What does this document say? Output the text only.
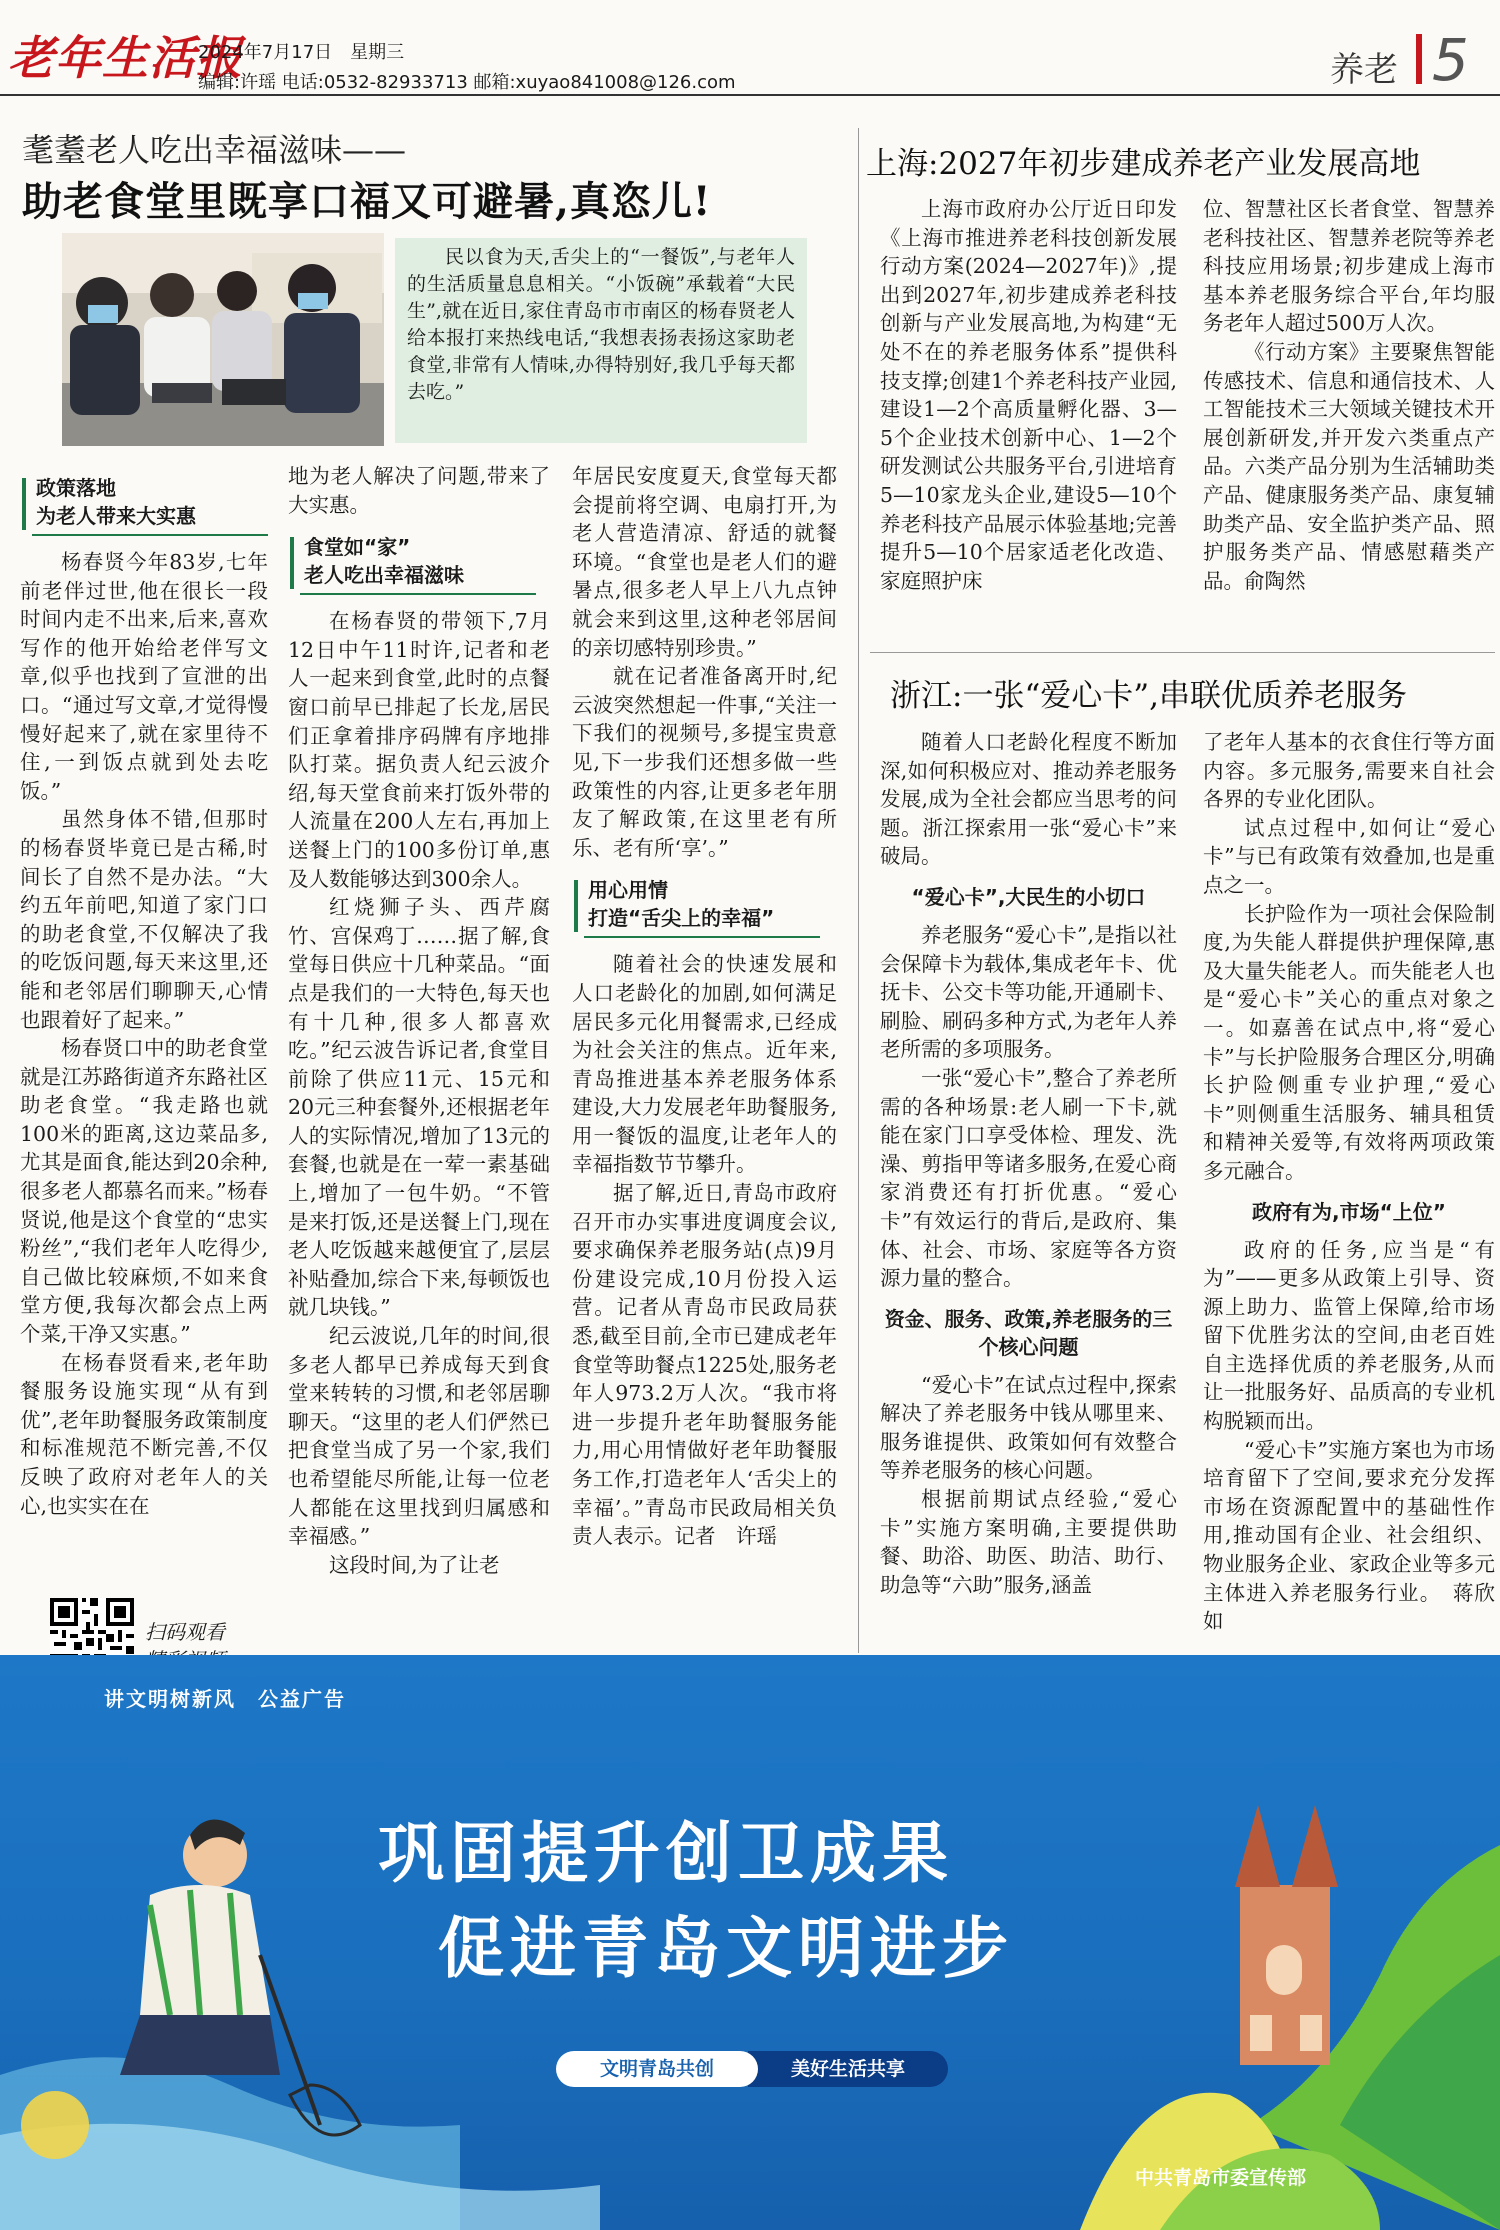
老年生活报
2024年7月17日　星期三
编辑:许瑶 电话:0532-82933713 邮箱:xuyao841008@126.com	养老 5
耄耋老人吃出幸福滋味——
助老食堂里既享口福又可避暑,真恣儿!
民以食为天,舌尖上的“一餐饭”,与老年人的生活质量息息相关。“小饭碗”承载着“大民生”,就在近日,家住青岛市市南区的杨春贤老人给本报打来热线电话,“我想表扬表扬这家助老食堂,非常有人情味,办得特别好,我几乎每天都去吃。”
政策落地
为老人带来大实惠

杨春贤今年83岁,七年前老伴过世,他在很长一段时间内走不出来,后来,喜欢写作的他开始给老伴写文章,似乎也找到了宣泄的出口。“通过写文章,才觉得慢慢好起来了,就在家里待不住,一到饭点就到处去吃饭。”

虽然身体不错,但那时的杨春贤毕竟已是古稀,时间长了自然不是办法。“大约五年前吧,知道了家门口的助老食堂,不仅解决了我的吃饭问题,每天来这里,还能和老邻居们聊聊天,心情也跟着好了起来。”

杨春贤口中的助老食堂就是江苏路街道齐东路社区助老食堂。“我走路也就100米的距离,这边菜品多,尤其是面食,能达到20余种,很多老人都慕名而来。”杨春贤说,他是这个食堂的“忠实粉丝”,“我们老年人吃得少,自己做比较麻烦,不如来食堂方便,我每次都会点上两个菜,干净又实惠。”

在杨春贤看来,老年助餐服务设施实现“从有到优”,老年助餐服务政策制度和标准规范不断完善,不仅反映了政府对老年人的关心,也实实在在

地为老人解决了问题,带来了大实惠。

食堂如“家”
老人吃出幸福滋味

在杨春贤的带领下,7月12日中午11时许,记者和老人一起来到食堂,此时的点餐窗口前早已排起了长龙,居民们正拿着排序码牌有序地排队打菜。据负责人纪云波介绍,每天堂食前来打饭外带的人流量在200人左右,再加上送餐上门的100多份订单,惠及人数能够达到300余人。

红烧狮子头、西芹腐竹、宫保鸡丁……据了解,食堂每日供应十几种菜品。“面点是我们的一大特色,每天也有十几种,很多人都喜欢吃。”纪云波告诉记者,食堂目前除了供应11元、15元和20元三种套餐外,还根据老年人的实际情况,增加了13元的套餐,也就是在一荤一素基础上,增加了一包牛奶。“不管是来打饭,还是送餐上门,现在老人吃饭越来越便宜了,层层补贴叠加,综合下来,每顿饭也就几块钱。”

纪云波说,几年的时间,很多老人都早已养成每天到食堂来转转的习惯,和老邻居聊聊天。“这里的老人们俨然已把食堂当成了另一个家,我们也希望能尽所能,让每一位老人都能在这里找到归属感和幸福感。”

这段时间,为了让老

年居民安度夏天,食堂每天都会提前将空调、电扇打开,为老人营造清凉、舒适的就餐环境。“食堂也是老人们的避暑点,很多老人早上八九点钟就会来到这里,这种老邻居间的亲切感特别珍贵。”

就在记者准备离开时,纪云波突然想起一件事,“关注一下我们的视频号,多提宝贵意见,下一步我们还想多做一些政策性的内容,让更多老年朋友了解政策,在这里老有所乐、老有所‘享’。”

用心用情
打造“舌尖上的幸福”

随着社会的快速发展和人口老龄化的加剧,如何满足居民多元化用餐需求,已经成为社会关注的焦点。近年来,青岛推进基本养老服务体系建设,大力发展老年助餐服务,用一餐饭的温度,让老年人的幸福指数节节攀升。

据了解,近日,青岛市政府召开市办实事进度调度会议,要求确保养老服务站(点)9月份建设完成,10月份投入运营。记者从青岛市民政局获悉,截至目前,全市已建成老年食堂等助餐点1225处,服务老年人973.2万人次。“我市将进一步提升老年助餐服务能力,用心用情做好老年助餐服务工作,打造老年人‘舌尖上的幸福’。”青岛市民政局相关负责人表示。记者　许瑶

扫码观看
上海:2027年初步建成养老产业发展高地

上海市政府办公厅近日印发《上海市推进养老科技创新发展行动方案(2024—2027年)》,提出到2027年,初步建成养老科技创新与产业发展高地,为构建“无处不在的养老服务体系”提供科技支撑;创建1个养老科技产业园,建设1—2个高质量孵化器、3—5个企业技术创新中心、1—2个研发测试公共服务平台,引进培育5—10家龙头企业,建设5—10个养老科技产品展示体验基地;完善提升5—10个居家适老化改造、家庭照护床

位、智慧社区长者食堂、智慧养老科技社区、智慧养老院等养老科技应用场景;初步建成上海市基本养老服务综合平台,年均服务老年人超过500万人次。

《行动方案》主要聚焦智能传感技术、信息和通信技术、人工智能技术三大领域关键技术开展创新研发,并开发六类重点产品。六类产品分别为生活辅助类产品、健康服务类产品、康复辅助类产品、安全监护类产品、照护服务类产品、情感慰藉类产品。俞陶然

浙江:一张“爱心卡”,串联优质养老服务

随着人口老龄化程度不断加深,如何积极应对、推动养老服务发展,成为全社会都应当思考的问题。浙江探索用一张“爱心卡”来破局。

“爱心卡”,大民生的小切口

养老服务“爱心卡”,是指以社会保障卡为载体,集成老年卡、优抚卡、公交卡等功能,开通刷卡、刷脸、刷码多种方式,为老年人养老所需的多项服务。

一张“爱心卡”,整合了养老所需的各种场景:老人刷一下卡,就能在家门口享受体检、理发、洗澡、剪指甲等诸多服务,在爱心商家消费还有打折优惠。“爱心卡”有效运行的背后,是政府、集体、社会、市场、家庭等各方资源力量的整合。

资金、服务、政策,养老服务的三个核心问题

“爱心卡”在试点过程中,探索解决了养老服务中钱从哪里来、服务谁提供、政策如何有效整合等养老服务的核心问题。

根据前期试点经验,“爱心卡”实施方案明确,主要提供助餐、助浴、助医、助洁、助行、助急等“六助”服务,涵盖

了老年人基本的衣食住行等方面内容。多元服务,需要来自社会各界的专业化团队。

试点过程中,如何让“爱心卡”与已有政策有效叠加,也是重点之一。

长护险作为一项社会保险制度,为失能人群提供护理保障,惠及大量失能老人。而失能老人也是“爱心卡”关心的重点对象之一。如嘉善在试点中,将“爱心卡”与长护险服务合理区分,明确长护险侧重专业护理,“爱心卡”则侧重生活服务、辅具租赁和精神关爱等,有效将两项政策多元融合。

政府有为,市场“上位”

政府的任务,应当是“有为”——更多从政策上引导、资源上助力、监管上保障,给市场留下优胜劣汰的空间,由老百姓自主选择优质的养老服务,从而让一批服务好、品质高的专业机构脱颖而出。

“爱心卡”实施方案也为市场培育留下了空间,要求充分发挥市场在资源配置中的基础性作用,推动国有企业、社会组织、物业服务企业、家政企业等多元主体进入养老服务行业。　蒋欣如

讲文明树新风　公益广告
巩固提升创卫成果
促进青岛文明进步
美好生活共享
文明青岛共创
中共青岛市委宣传部
